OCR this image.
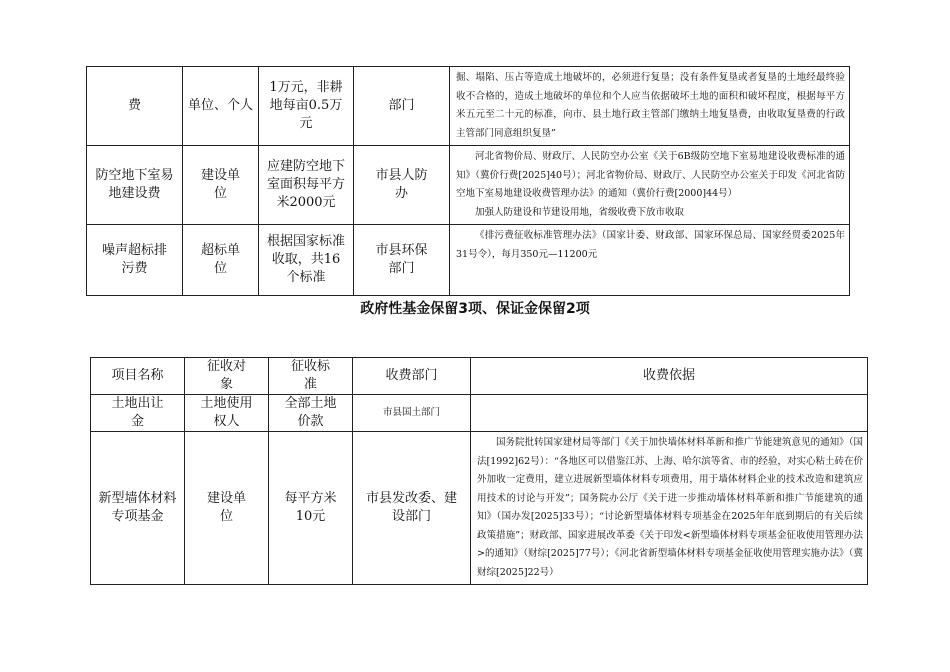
费	单位、个人	1万元，非耕地每亩0.5万元	部门	掘、塌陷、压占等造成土地破坏的，必须进行复垦；没有条件复垦或者复垦的土地经最终验收不合格的，造成土地破坏的单位和个人应当依据破坏土地的面积和破坏程度，根据每平方米五元至二十元的标准，向市、县土地行政主管部门缴纳土地复垦费，由收取复垦费的行政主管部门同意组织复垦”

防空地下室易地建设费	建设单位	应建防空地下室面积每平方米2000元	市县人防办	河北省物价局、财政厅、人民防空办公室《关于6B级防空地下室易地建设收费标准的通知》（冀价行费[2025]40号）；河北省物价局、财政厅、人民防空办公室关于印发《河北省防空地下室易地建设收费管理办法》的通知（冀价行费[2000]44号）
加强人防建设和节建设用地，省级收费下放市收取

噪声超标排污费	超标单位	根据国家标准收取，共16个标准	市县环保部门	《排污费征收标准管理办法》（国家计委、财政部、国家环保总局、国家经贸委2025年31号令），每月350元—11200元
政府性基金保留3项、保证金保留2项
项目名称	征收对象	征收标准	收费部门	收费依据
土地出让金	土地使用权人	全部土地价款	市县国土部门	
新型墙体材料专项基金	建设单位	每平方米10元	市县发改委、建设部门	国务院批转国家建材局等部门《关于加快墙体材料革新和推广节能建筑意见的通知》（国法[1992]62号）：“各地区可以借鉴江苏、上海、哈尔滨等省、市的经验，对实心粘土砖在价外加收一定费用，建立进展新型墙体材料专项费用，用于墙体材料企业的技术改造和建筑应用技术的讨论与开发”；国务院办公厅《关于进一步推动墙体材料革新和推广节能建筑的通知》（国办发[2025]33号）；“讨论新型墙体材料专项基金在2025年年底到期后的有关后续政策措施”；财政部、国家进展改革委《关于印发<新型墙体材料专项基金征收使用管理办法>的通知》（财综[2025]77号）；《河北省新型墙体材料专项基金征收使用管理实施办法》（冀财综[2025]22号）
